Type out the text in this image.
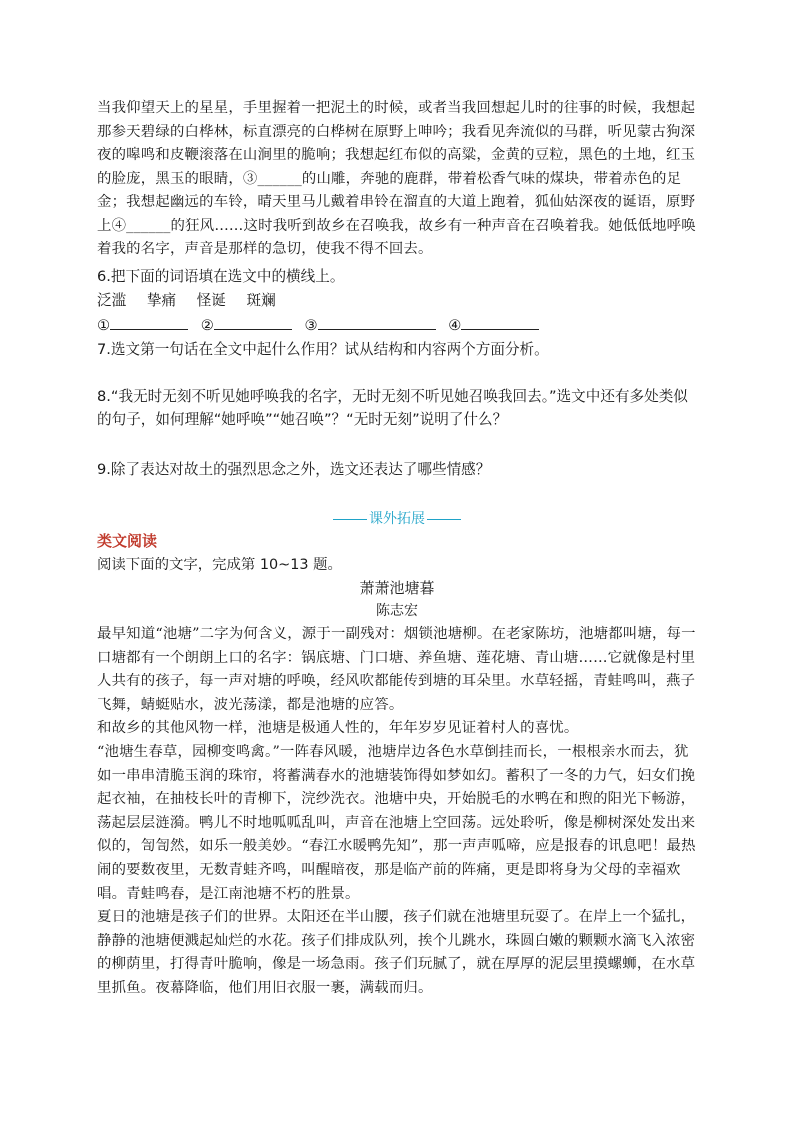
当我仰望天上的星星，手里握着一把泥土的时候，或者当我回想起儿时的往事的时候，我想起那参天碧绿的白桦林，标直漂亮的白桦树在原野上呻吟；我看见奔流似的马群，听见蒙古狗深夜的嗥鸣和皮鞭滚落在山涧里的脆响；我想起红布似的高粱，金黄的豆粒，黑色的土地，红玉的脸庞，黑玉的眼睛，③______的山雕，奔驰的鹿群，带着松香气味的煤块，带着赤色的足金；我想起幽远的车铃，晴天里马儿戴着串铃在溜直的大道上跑着，狐仙姑深夜的诞语，原野上④______的狂风……这时我听到故乡在召唤我，故乡有一种声音在召唤着我。她低低地呼唤着我的名字，声音是那样的急切，使我不得不回去。

6.把下面的词语填在选文中的横线上。

泛滥 挚痛 怪诞 斑斓
①	②	③	④

7.选文第一句话在全文中起什么作用？试从结构和内容两个方面分析。

8.“我无时无刻不听见她呼唤我的名字，无时无刻不听见她召唤我回去。”选文中还有多处类似的句子，如何理解“她呼唤”“她召唤”？“无时无刻”说明了什么？

9.除了表达对故土的强烈思念之外，选文还表达了哪些情感？

课外拓展
类文阅读
阅读下面的文字，完成第 10~13 题。
萧萧池塘暮
陈志宏

最早知道“池塘”二字为何含义，源于一副残对：烟锁池塘柳。在老家陈坊，池塘都叫塘，每一口塘都有一个朗朗上口的名字：锅底塘、门口塘、养鱼塘、莲花塘、青山塘……它就像是村里人共有的孩子，每一声对塘的呼唤，经风吹都能传到塘的耳朵里。水草轻摇，青蛙鸣叫，燕子飞舞，蜻蜓贴水，波光荡漾，都是池塘的应答。

和故乡的其他风物一样，池塘是极通人性的，年年岁岁见证着村人的喜忧。

“池塘生春草，园柳变鸣禽。”一阵春风暖，池塘岸边各色水草倒挂而长，一根根亲水而去，犹如一串串清脆玉润的珠帘，将蓄满春水的池塘装饰得如梦如幻。蓄积了一冬的力气，妇女们挽起衣袖，在抽枝长叶的青柳下，浣纱洗衣。池塘中央，开始脱毛的水鸭在和煦的阳光下畅游，荡起层层涟漪。鸭儿不时地呱呱乱叫，声音在池塘上空回荡。远处聆听，像是柳树深处发出来似的，訇訇然，如乐一般美妙。“春江水暖鸭先知”，那一声声呱啼，应是报春的讯息吧！最热闹的要数夜里，无数青蛙齐鸣，叫醒暗夜，那是临产前的阵痛，更是即将身为父母的幸福欢唱。青蛙鸣春，是江南池塘不朽的胜景。

夏日的池塘是孩子们的世界。太阳还在半山腰，孩子们就在池塘里玩耍了。在岸上一个猛扎，静静的池塘便溅起灿烂的水花。孩子们排成队列，挨个儿跳水，珠圆白嫩的颗颗水滴飞入浓密的柳荫里，打得青叶脆响，像是一场急雨。孩子们玩腻了，就在厚厚的泥层里摸螺蛳，在水草里抓鱼。夜幕降临，他们用旧衣服一裹，满载而归。
